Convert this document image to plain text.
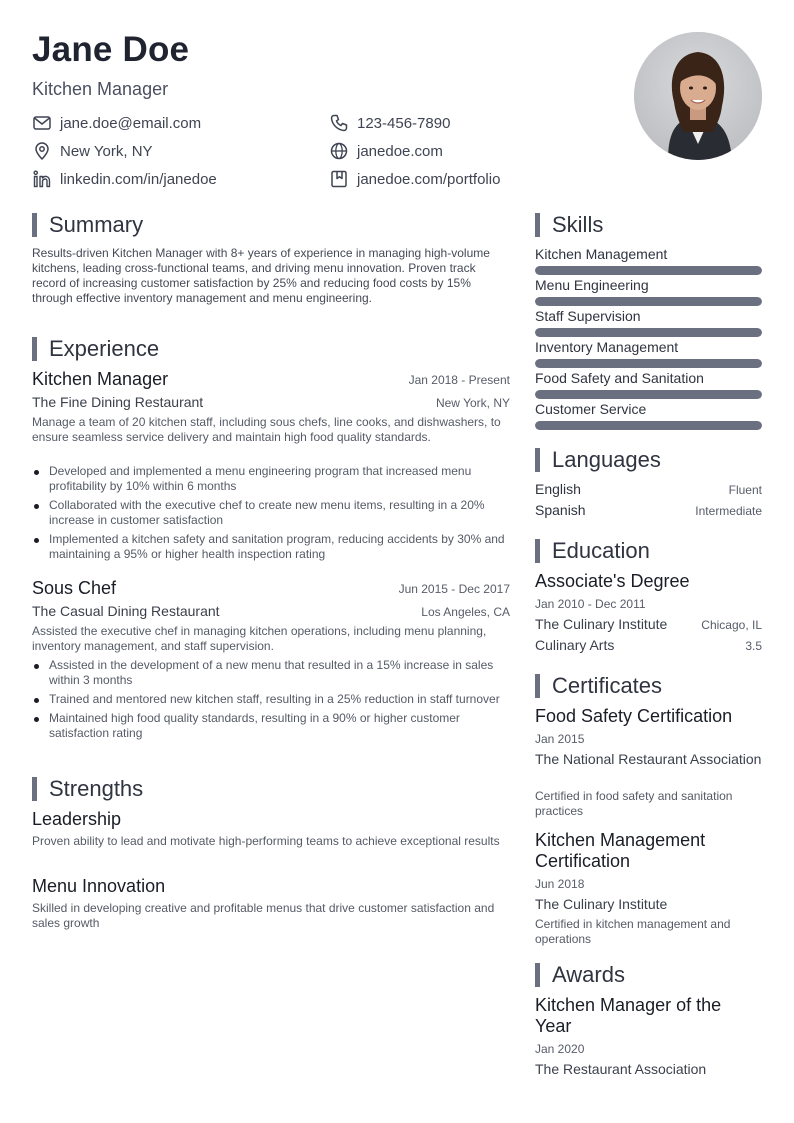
Jane Doe
Kitchen Manager
jane.doe@email.com	123-456-7890
New York, NY	janedoe.com
linkedin.com/in/janedoe	janedoe.com/portfolio
Summary
Results-driven Kitchen Manager with 8+ years of experience in managing high-volume kitchens, leading cross-functional teams, and driving menu innovation. Proven track record of increasing customer satisfaction by 25% and reducing food costs by 15% through effective inventory management and menu engineering.
Experience
Kitchen Manager	Jan 2018 - Present
The Fine Dining Restaurant	New York, NY
Manage a team of 20 kitchen staff, including sous chefs, line cooks, and dishwashers, to ensure seamless service delivery and maintain high food quality standards.
Developed and implemented a menu engineering program that increased menu profitability by 10% within 6 months
Collaborated with the executive chef to create new menu items, resulting in a 20% increase in customer satisfaction
Implemented a kitchen safety and sanitation program, reducing accidents by 30% and maintaining a 95% or higher health inspection rating
Sous Chef	Jun 2015 - Dec 2017
The Casual Dining Restaurant	Los Angeles, CA
Assisted the executive chef in managing kitchen operations, including menu planning, inventory management, and staff supervision.
Assisted in the development of a new menu that resulted in a 15% increase in sales within 3 months
Trained and mentored new kitchen staff, resulting in a 25% reduction in staff turnover
Maintained high food quality standards, resulting in a 90% or higher customer satisfaction rating
Strengths
Leadership
Proven ability to lead and motivate high-performing teams to achieve exceptional results
Menu Innovation
Skilled in developing creative and profitable menus that drive customer satisfaction and sales growth
Skills
Kitchen Management
Menu Engineering
Staff Supervision
Inventory Management
Food Safety and Sanitation
Customer Service
Languages
English	Fluent
Spanish	Intermediate
Education
Associate's Degree
Jan 2010 - Dec 2011
The Culinary Institute	Chicago, IL
Culinary Arts	3.5
Certificates
Food Safety Certification
Jan 2015
The National Restaurant Association
Certified in food safety and sanitation practices
Kitchen Management Certification
Jun 2018
The Culinary Institute
Certified in kitchen management and operations
Awards
Kitchen Manager of the Year
Jan 2020
The Restaurant Association
